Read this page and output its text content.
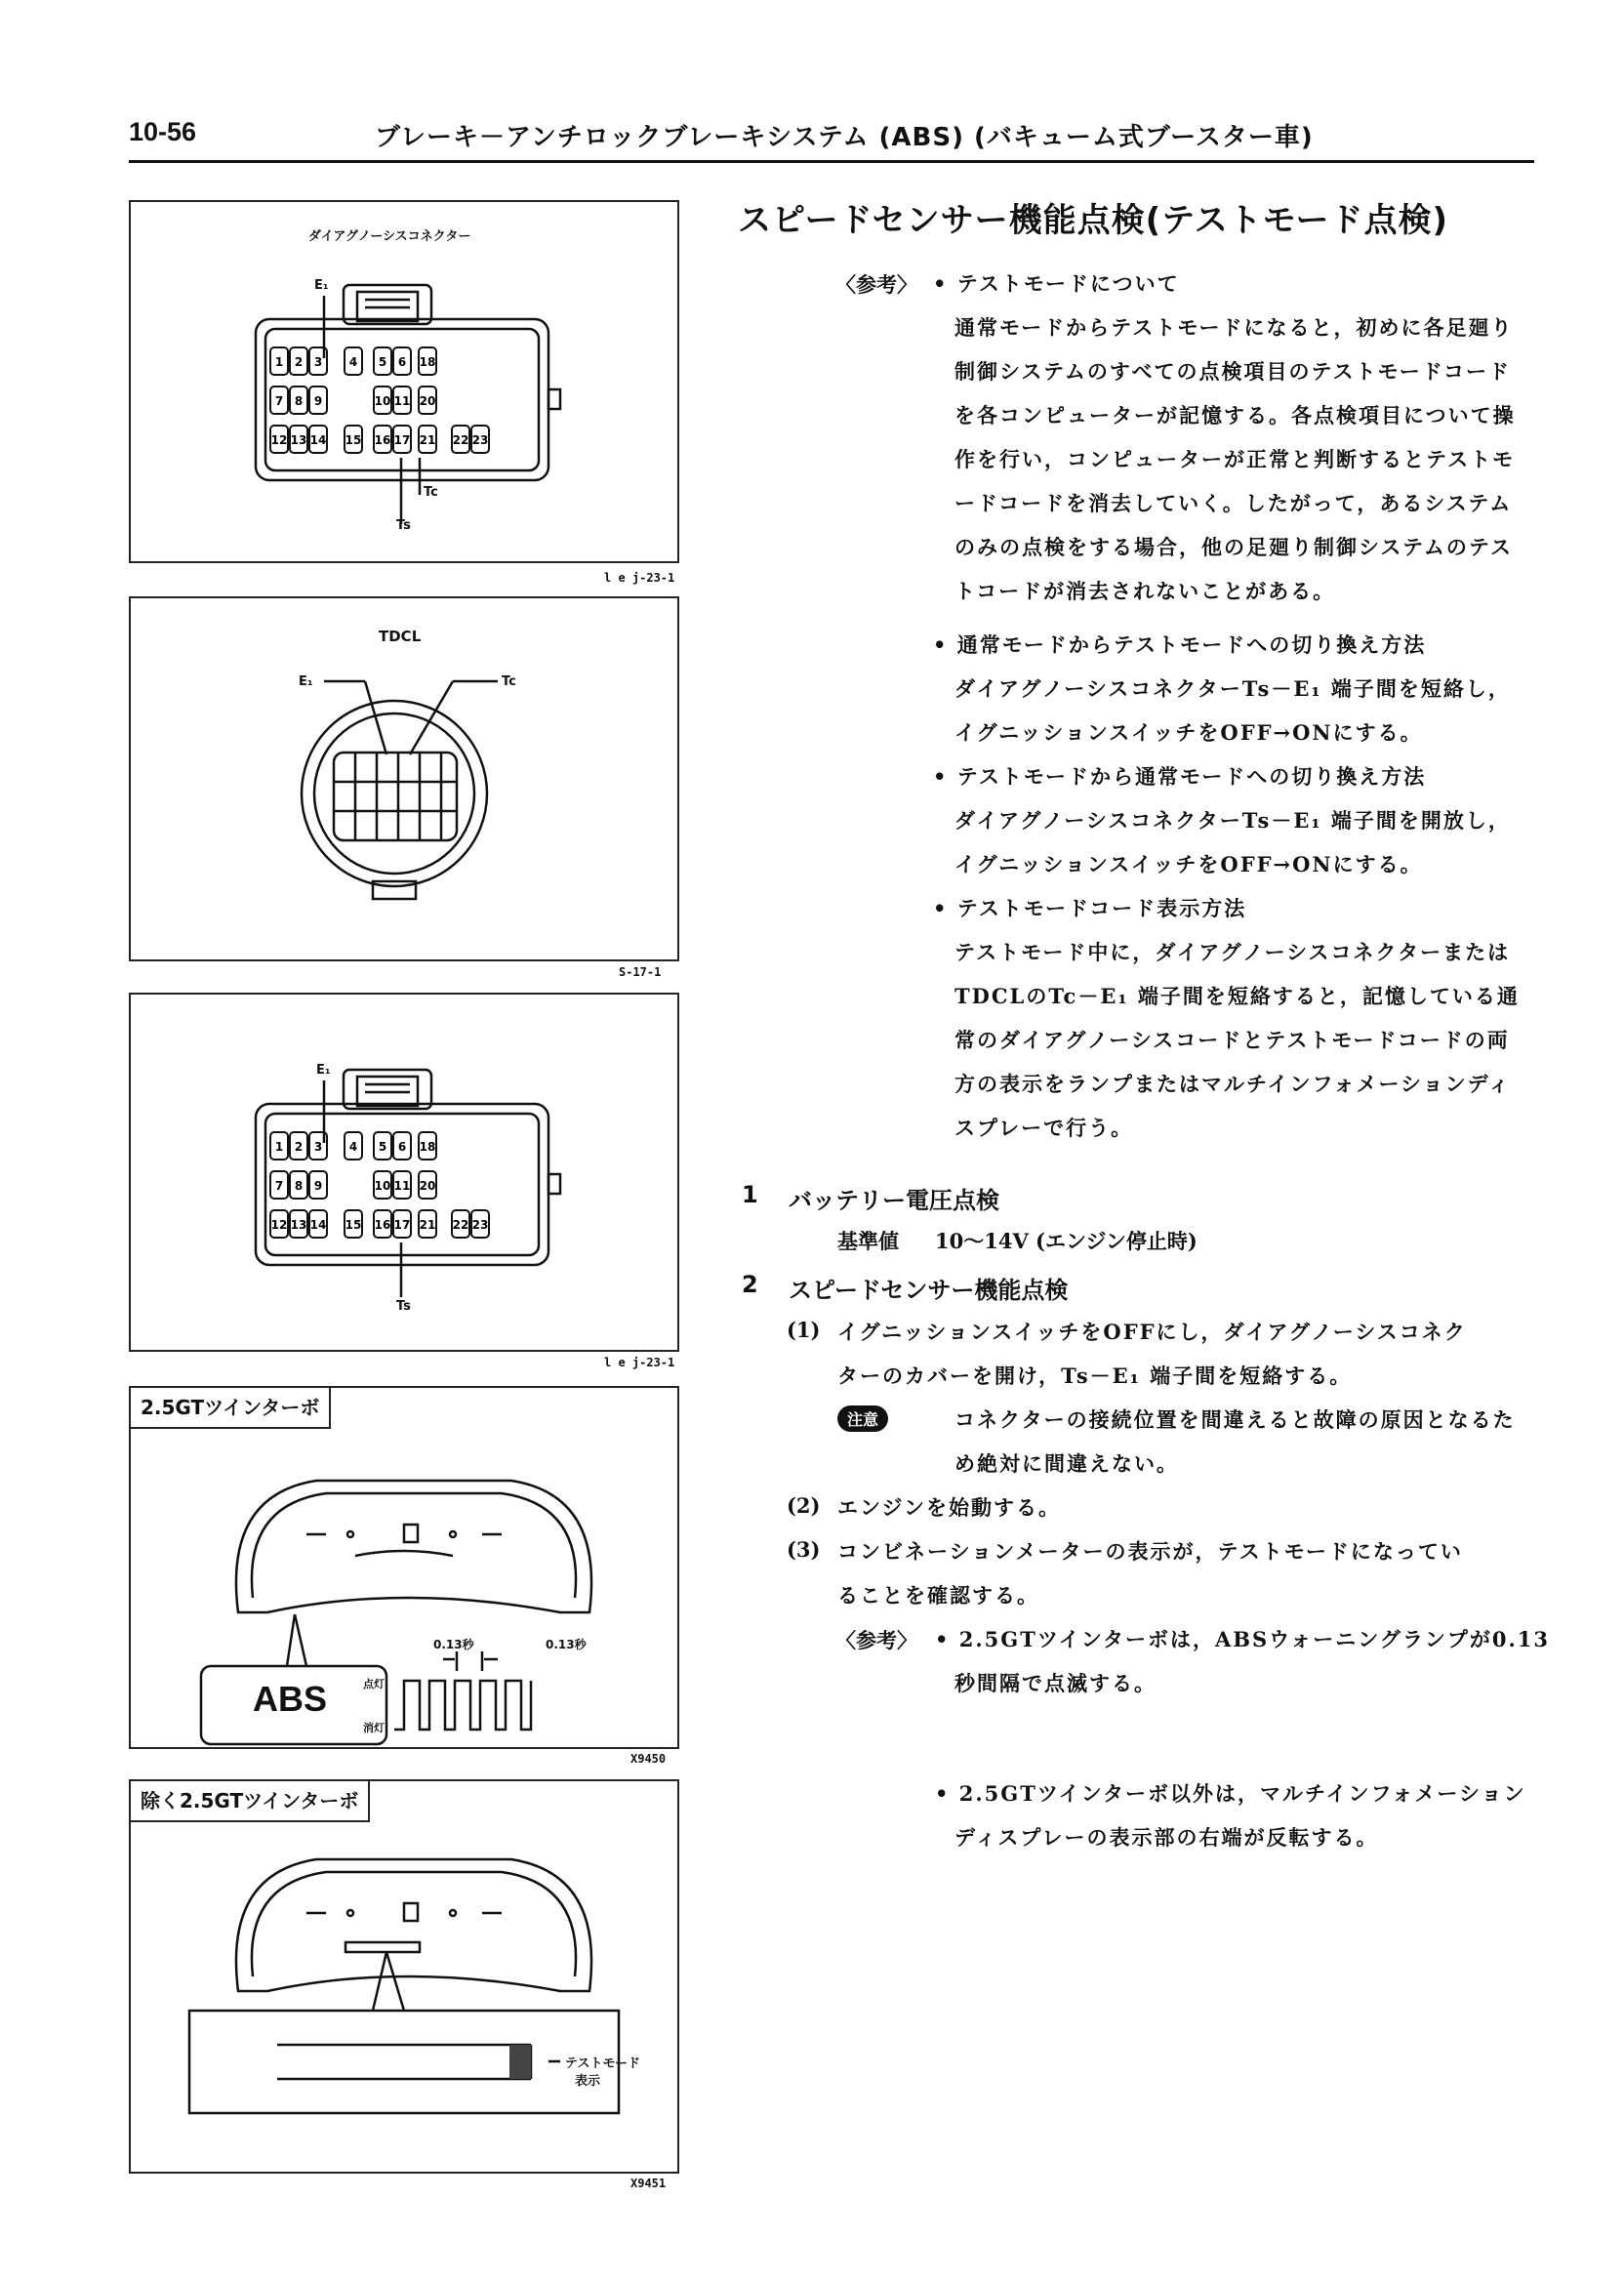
10-56	ブレーキ－アンチロックブレーキシステム (ABS) (バキューム式ブースター車)
ダイアグノーシスコネクター
E₁
Tc
Ts
1 2 3 4 5 6 18
7 8 9	10 11 20
12 13 14 15 16 17 21 22 23
l e j-23-1
TDCL
E₁	Tc
S-17-1
E₁
Ts
1 2 3 4 5 6 18
7 8 9	10 11 20
12 13 14 15 16 17 21 22 23
l e j-23-1
2.5GTツインターボ
ABS
0.13秒	0.13秒
点灯
消灯
X9450
除く2.5GTツインターボ
テストモード
表示
X9451
スピードセンサー機能点検(テストモード点検)
〈参考〉 • テストモードについて
通常モードからテストモードになると，初めに各足廻り
制御システムのすべての点検項目のテストモードコード
を各コンピューターが記憶する。各点検項目について操
作を行い，コンピューターが正常と判断するとテストモ
ードコードを消去していく。したがって，あるシステム
のみの点検をする場合，他の足廻り制御システムのテス
トコードが消去されないことがある。
• 通常モードからテストモードへの切り換え方法
ダイアグノーシスコネクターTs－E₁ 端子間を短絡し，
イグニッションスイッチをOFF→ONにする。
• テストモードから通常モードへの切り換え方法
ダイアグノーシスコネクターTs－E₁ 端子間を開放し，
イグニッションスイッチをOFF→ONにする。
• テストモードコード表示方法
テストモード中に，ダイアグノーシスコネクターまたは
TDCLのTc－E₁ 端子間を短絡すると，記憶している通
常のダイアグノーシスコードとテストモードコードの両
方の表示をランプまたはマルチインフォメーションディ
スプレーで行う。
1 バッテリー電圧点検
基準値 10～14V (エンジン停止時)
2 スピードセンサー機能点検
(1) イグニッションスイッチをOFFにし，ダイアグノーシスコネク
ターのカバーを開け，Ts－E₁ 端子間を短絡する。
注意	コネクターの接続位置を間違えると故障の原因となるた
め絶対に間違えない。
(2) エンジンを始動する。
(3) コンビネーションメーターの表示が，テストモードになってい
ることを確認する。
〈参考〉 • 2.5GTツインターボは，ABSウォーニングランプが0.13
秒間隔で点滅する。
• 2.5GTツインターボ以外は，マルチインフォメーション
ディスプレーの表示部の右端が反転する。
